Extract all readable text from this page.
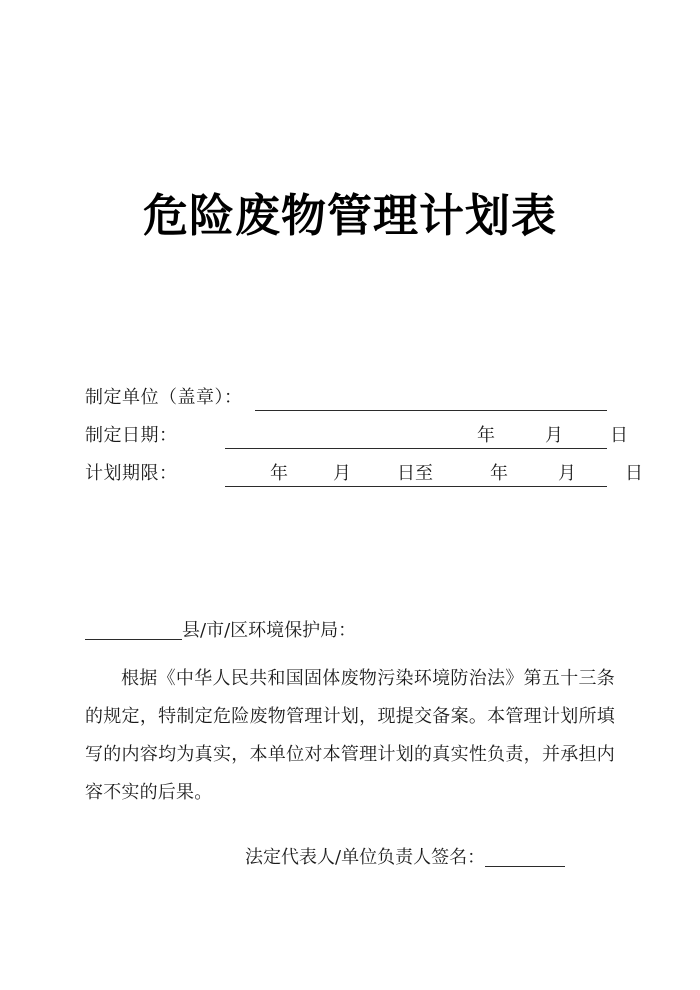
危险废物管理计划表
制定单位（盖章）：
制定日期：	年	月	日
计划期限：	年	月	日至	年	月	日
县/市/区环境保护局：
根据《中华人民共和国固体废物污染环境防治法》第五十三条的规定，特制定危险废物管理计划，现提交备案。本管理计划所填写的内容均为真实，本单位对本管理计划的真实性负责，并承担内容不实的后果。
法定代表人/单位负责人签名：
